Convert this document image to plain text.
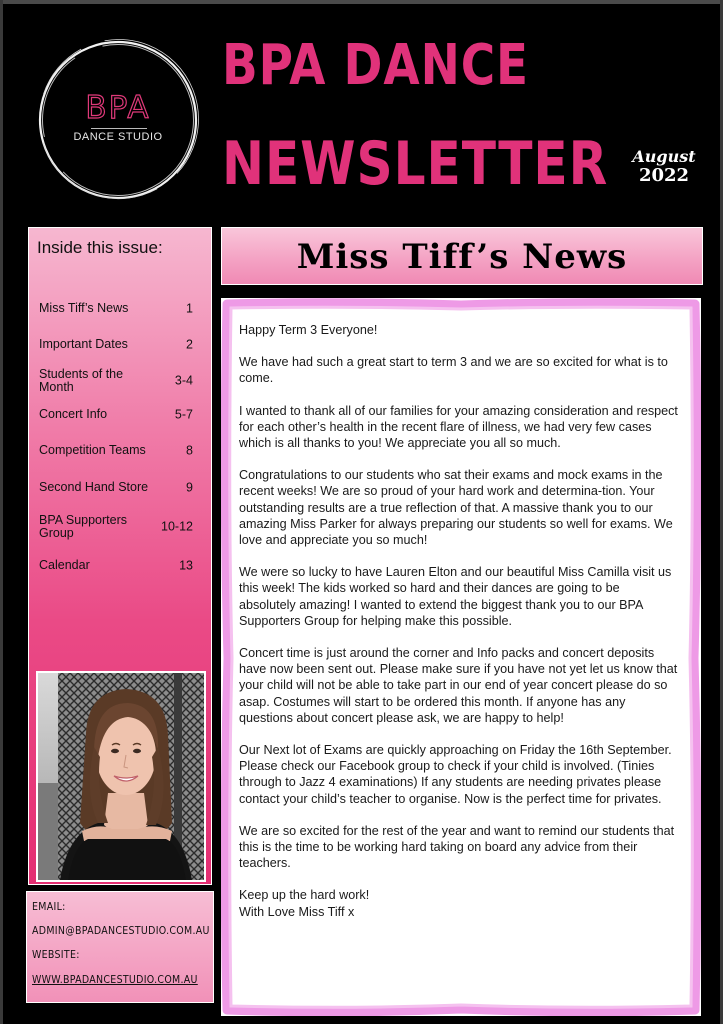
BPA
DANCE STUDIO
BPA DANCE
NEWSLETTER	August
2022
Inside this issue:
Miss Tiff’s News	1
Important Dates	2
Students of the Month	3-4
Concert Info	5-7
Competition Teams	8
Second Hand Store	9
BPA Supporters Group	10-12
Calendar	13
EMAIL:
ADMIN@BPADANCESTUDIO.COM.AU
WEBSITE:
WWW.BPADANCESTUDIO.COM.AU
Miss Tiff’s News

Happy Term 3 Everyone!

We have had such a great start to term 3 and we are so excited for what is to come.

I wanted to thank all of our families for your amazing consideration and respect for each other’s health in the recent flare of illness, we had very few cases which is all thanks to you! We appreciate you all so much.

Congratulations to our students who sat their exams and mock exams in the recent weeks! We are so proud of your hard work and determina-tion. Your outstanding results are a true reflection of that. A massive thank you to our amazing Miss Parker for always preparing our students so well for exams. We love and appreciate you so much!

We were so lucky to have Lauren Elton and our beautiful Miss Camilla visit us this week! The kids worked so hard and their dances are going to be absolutely amazing! I wanted to extend the biggest thank you to our BPA Supporters Group for helping make this possible.

Concert time is just around the corner and Info packs and concert deposits have now been sent out. Please make sure if you have not yet let us know that your child will not be able to take part in our end of year concert please do so asap. Costumes will start to be ordered this month. If anyone has any questions about concert please ask, we are happy to help!

Our Next lot of Exams are quickly approaching on Friday the 16th September. Please check our Facebook group to check if your child is involved. (Tinies through to Jazz 4 examinations) If any students are needing privates please contact your child’s teacher to organise. Now is the perfect time for privates.

We are so excited for the rest of the year and want to remind our students that this is the time to be working hard taking on board any advice from their teachers.

Keep up the hard work!

With Love Miss Tiff x
